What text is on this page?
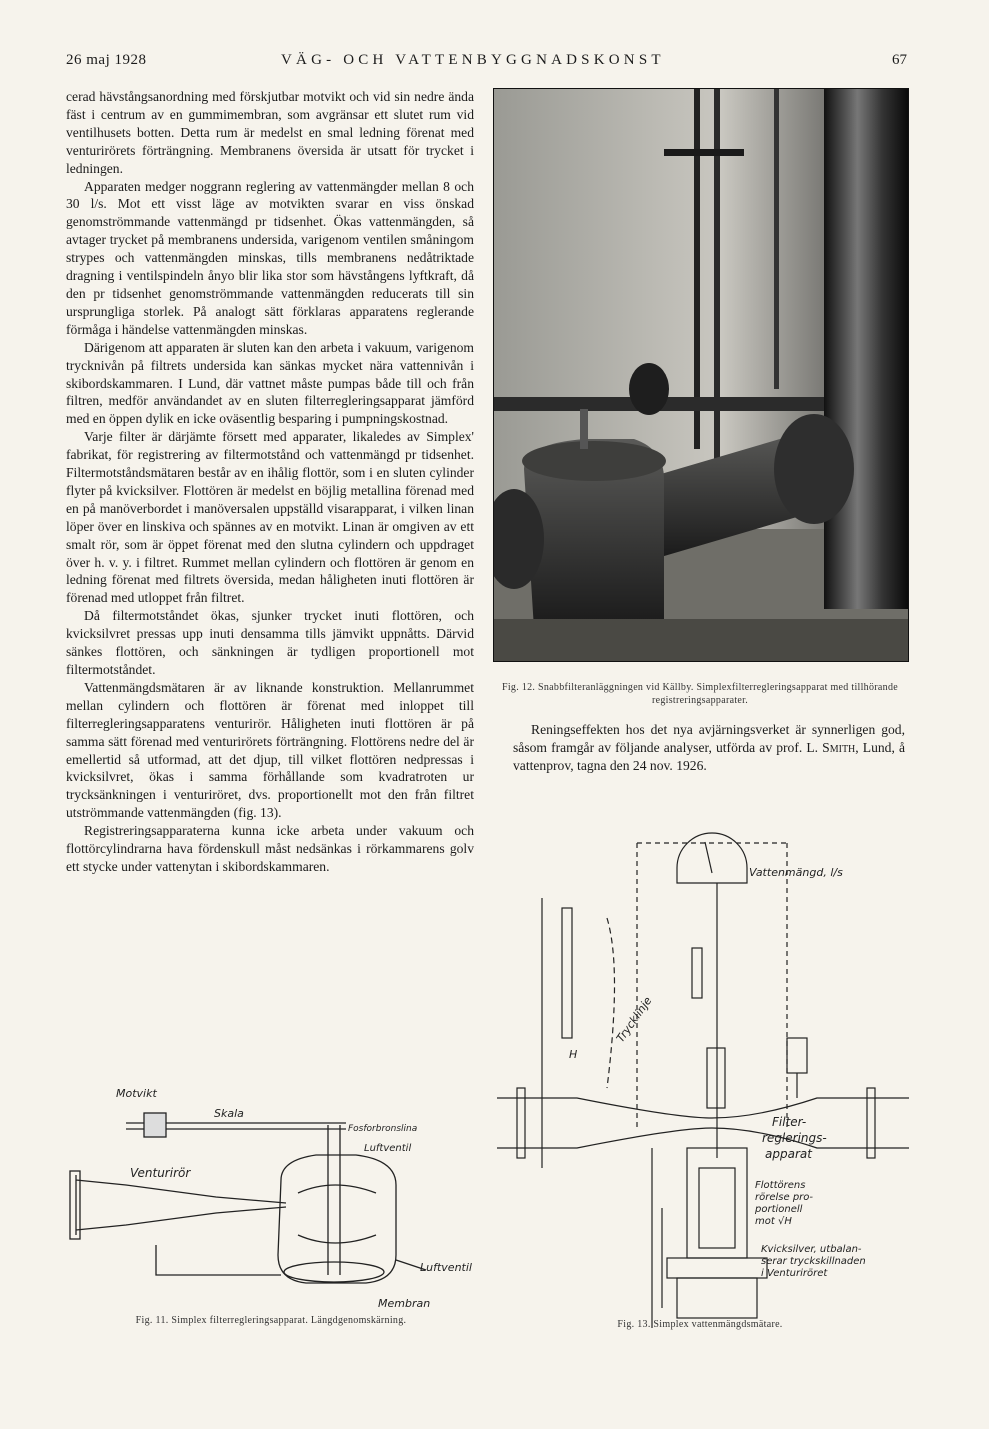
26 maj 1928	VÄG- OCH VATTENBYGGNADSKONST	67

cerad hävstångsanordning med förskjutbar motvikt och vid sin nedre ända fäst i centrum av en gummimembran, som avgränsar ett slutet rum vid ventilhusets botten. Detta rum är medelst en smal ledning förenat med venturirörets förträngning. Membranens översida är utsatt för trycket i ledningen.

Apparaten medger noggrann reglering av vattenmängder mellan 8 och 30 l/s. Mot ett visst läge av motvikten svarar en viss önskad genomströmmande vattenmängd pr tidsenhet. Ökas vattenmängden, så avtager trycket på membranens undersida, varigenom ventilen småningom strypes och vattenmängden minskas, tills membranens nedåtriktade dragning i ventilspindeln ånyo blir lika stor som hävstångens lyftkraft, då den pr tidsenhet genomströmmande vattenmängden reducerats till sin ursprungliga storlek. På analogt sätt förklaras apparatens reglerande förmåga i händelse vattenmängden minskas.

Därigenom att apparaten är sluten kan den arbeta i vakuum, varigenom trycknivån på filtrets undersida kan sänkas mycket nära vattennivån i skibordskammaren. I Lund, där vattnet måste pumpas både till och från filtren, medför användandet av en sluten filterregleringsapparat jämförd med en öppen dylik en icke oväsentlig besparing i pumpningskostnad.

Varje filter är därjämte försett med apparater, likaledes av Simplex' fabrikat, för registrering av filtermotstånd och vattenmängd pr tidsenhet. Filtermotståndsmätaren består av en ihålig flottör, som i en sluten cylinder flyter på kvicksilver. Flottören är medelst en böjlig metallina förenad med en på manöverbordet i manöversalen uppställd visarapparat, i vilken linan löper över en linskiva och spännes av en motvikt. Linan är omgiven av ett smalt rör, som är öppet förenat med den slutna cylindern och uppdraget över h. v. y. i filtret. Rummet mellan cylindern och flottören är genom en ledning förenat med filtrets översida, medan håligheten inuti flottören är förenad med utloppet från filtret.

Då filtermotståndet ökas, sjunker trycket inuti flottören, och kvicksilvret pressas upp inuti densamma tills jämvikt uppnåtts. Därvid sänkes flottören, och sänkningen är tydligen proportionell mot filtermotståndet.

Vattenmängdsmätaren är av liknande konstruktion. Mellanrummet mellan cylindern och flottören är förenat med inloppet till filterregleringsapparatens venturirör. Håligheten inuti flottören är på samma sätt förenad med venturirörets förträngning. Flottörens nedre del är emellertid så utformad, att det djup, till vilket flottören nedpressas i kvicksilvret, ökas i samma förhållande som kvadratroten ur trycksänkningen i venturiröret, dvs. proportionellt mot den från filtret utströmmande vattenmängden (fig. 13).

Registreringsapparaterna kunna icke arbeta under vakuum och flottörcylindrarna hava fördenskull måst nedsänkas i rörkammarens golv ett stycke under vattenytan i skibordskammaren.

Motvikt
Skala
Fosforbronslina
Luftventil
Venturirör
Luftventil
Membran
Fig. 11. Simplex filterregleringsapparat. Längdgenomskärning.
Fig. 12. Snabbfilteranläggningen vid Källby. Simplexfilterregleringsapparat med tillhörande registreringsapparater.

Reningseffekten hos det nya avjärningsverket är synnerligen god, såsom framgår av följande analyser, utförda av prof. L. Smith, Lund, å vattenprov, tagna den 24 nov. 1926.

Vattenmängd, l/s
H
Trycklinje
Filter-
reglerings-
apparat
Flottörens
rörelse pro-
portionell
mot √H
Kvicksilver, utbalan-
serar tryckskillnaden
i Venturiröret
Fig. 13. Simplex vattenmängdsmätare.
